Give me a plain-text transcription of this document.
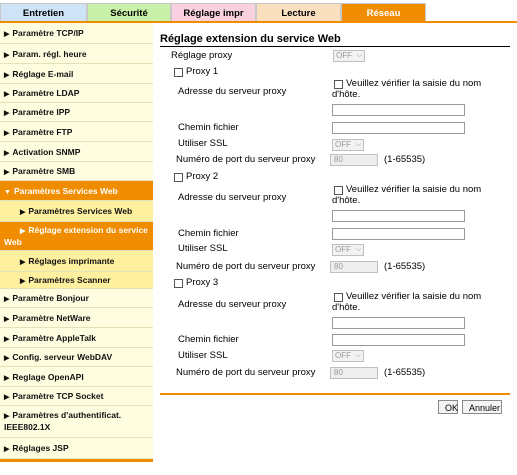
Entretien	Sécurité	Réglage impr	Lecture	Réseau
▶ Paramètre TCP/IP
▶ Param. régl. heure
▶ Réglage E-mail
▶ Paramètre LDAP
▶ Paramètre IPP
▶ Paramètre FTP
▶ Activation SNMP
▶ Paramètre SMB
▼ Paramètres Services Web
▶ Paramètres Services Web
▶ Réglage extension du service Web
▶ Réglages imprimante
▶ Paramètres Scanner
▶ Paramètre Bonjour
▶ Paramètre NetWare
▶ Paramètre AppleTalk
▶ Config. serveur WebDAV
▶ Reglage OpenAPI
▶ Paramètre TCP Socket
▶ Paramètres d'authentificat. IEEE802.1X
▶ Réglages JSP
Réglage extension du service Web
Réglage proxy	OFF ⌵
Proxy 1
Adresse du serveur proxy
Veuillez vérifier la saisie du nom d'hôte.
Chemin fichier
Utiliser SSL	OFF ⌵
Numéro de port du serveur proxy	80	(1-65535)
Proxy 2
Adresse du serveur proxy
Veuillez vérifier la saisie du nom d'hôte.
Chemin fichier
Utiliser SSL	OFF ⌵
Numéro de port du serveur proxy	80	(1-65535)
Proxy 3
Adresse du serveur proxy
Veuillez vérifier la saisie du nom d'hôte.
Chemin fichier
Utiliser SSL	OFF ⌵
Numéro de port du serveur proxy	80	(1-65535)
OK	Annuler
